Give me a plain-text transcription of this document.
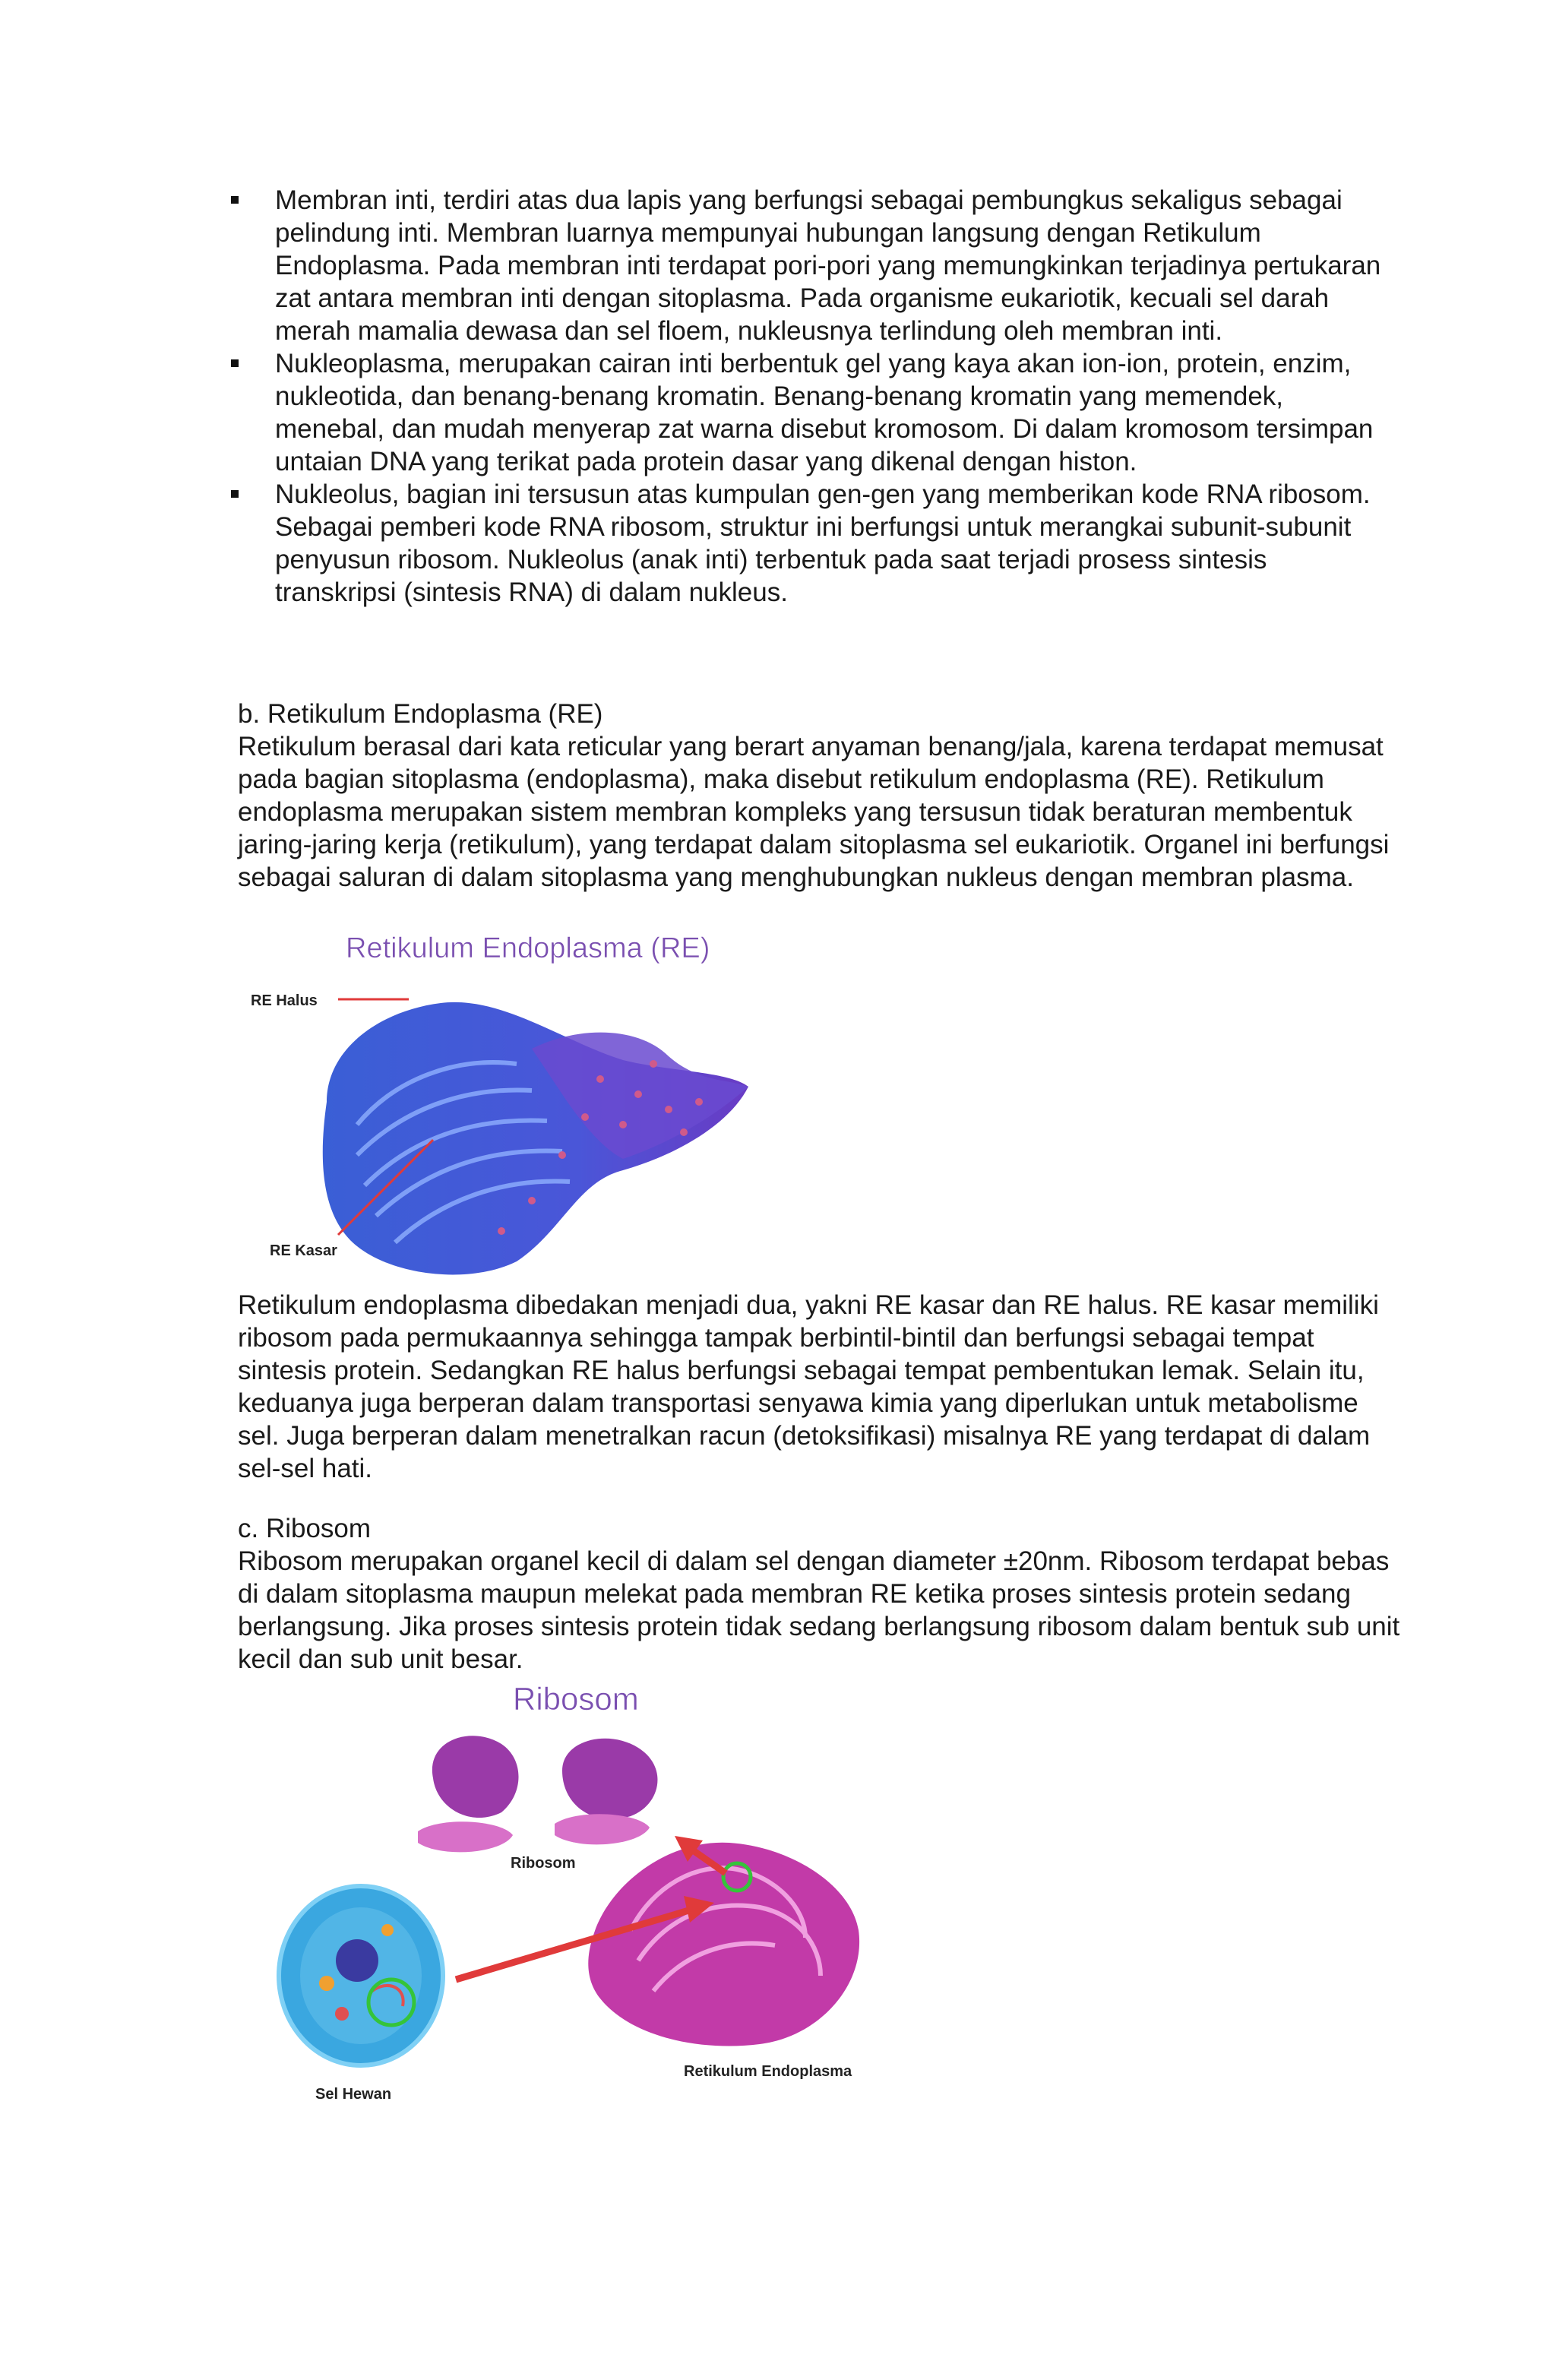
Membran inti, terdiri atas dua lapis yang berfungsi sebagai pembungkus sekaligus sebagai pelindung inti. Membran luarnya mempunyai hubungan langsung dengan Retikulum Endoplasma. Pada membran inti terdapat pori-pori yang memungkinkan terjadinya pertukaran zat antara membran inti dengan sitoplasma. Pada organisme eukariotik, kecuali sel darah merah mamalia dewasa dan sel floem, nukleusnya terlindung oleh membran inti.
Nukleoplasma, merupakan cairan inti berbentuk gel yang kaya akan ion-ion, protein, enzim, nukleotida, dan benang-benang kromatin. Benang-benang kromatin yang memendek, menebal, dan mudah menyerap zat warna disebut kromosom. Di dalam kromosom tersimpan untaian DNA yang terikat pada protein dasar yang dikenal dengan histon.
Nukleolus, bagian ini tersusun atas kumpulan gen-gen yang memberikan kode RNA ribosom. Sebagai pemberi kode RNA ribosom, struktur ini berfungsi untuk merangkai subunit-subunit penyusun ribosom. Nukleolus (anak inti) terbentuk pada saat terjadi prosess sintesis transkripsi (sintesis RNA) di dalam nukleus.

b. Retikulum Endoplasma (RE)

Retikulum berasal dari kata reticular yang berart anyaman benang/jala, karena terdapat memusat pada bagian sitoplasma (endoplasma), maka disebut retikulum endoplasma (RE). Retikulum endoplasma merupakan sistem membran kompleks yang tersusun tidak beraturan membentuk jaring-jaring kerja (retikulum), yang terdapat dalam sitoplasma sel eukariotik. Organel ini berfungsi sebagai saluran di dalam sitoplasma yang menghubungkan nukleus dengan membran plasma.

Retikulum Endoplasma (RE)
RE Halus
RE Kasar

Retikulum endoplasma dibedakan menjadi dua, yakni RE kasar dan RE halus. RE kasar memiliki ribosom pada permukaannya sehingga tampak berbintil-bintil dan berfungsi sebagai tempat sintesis protein. Sedangkan RE halus berfungsi sebagai tempat pembentukan lemak. Selain itu, keduanya juga berperan dalam transportasi senyawa kimia yang diperlukan untuk metabolisme sel. Juga berperan dalam menetralkan racun (detoksifikasi) misalnya RE yang terdapat di dalam sel-sel hati.

c. Ribosom

Ribosom merupakan organel kecil di dalam sel dengan diameter ±20nm. Ribosom terdapat bebas di dalam sitoplasma maupun melekat pada membran RE ketika proses sintesis protein sedang berlangsung. Jika proses sintesis protein tidak sedang berlangsung ribosom dalam bentuk sub unit kecil dan sub unit besar.

Ribosom
Ribosom
Sel Hewan
Retikulum Endoplasma
